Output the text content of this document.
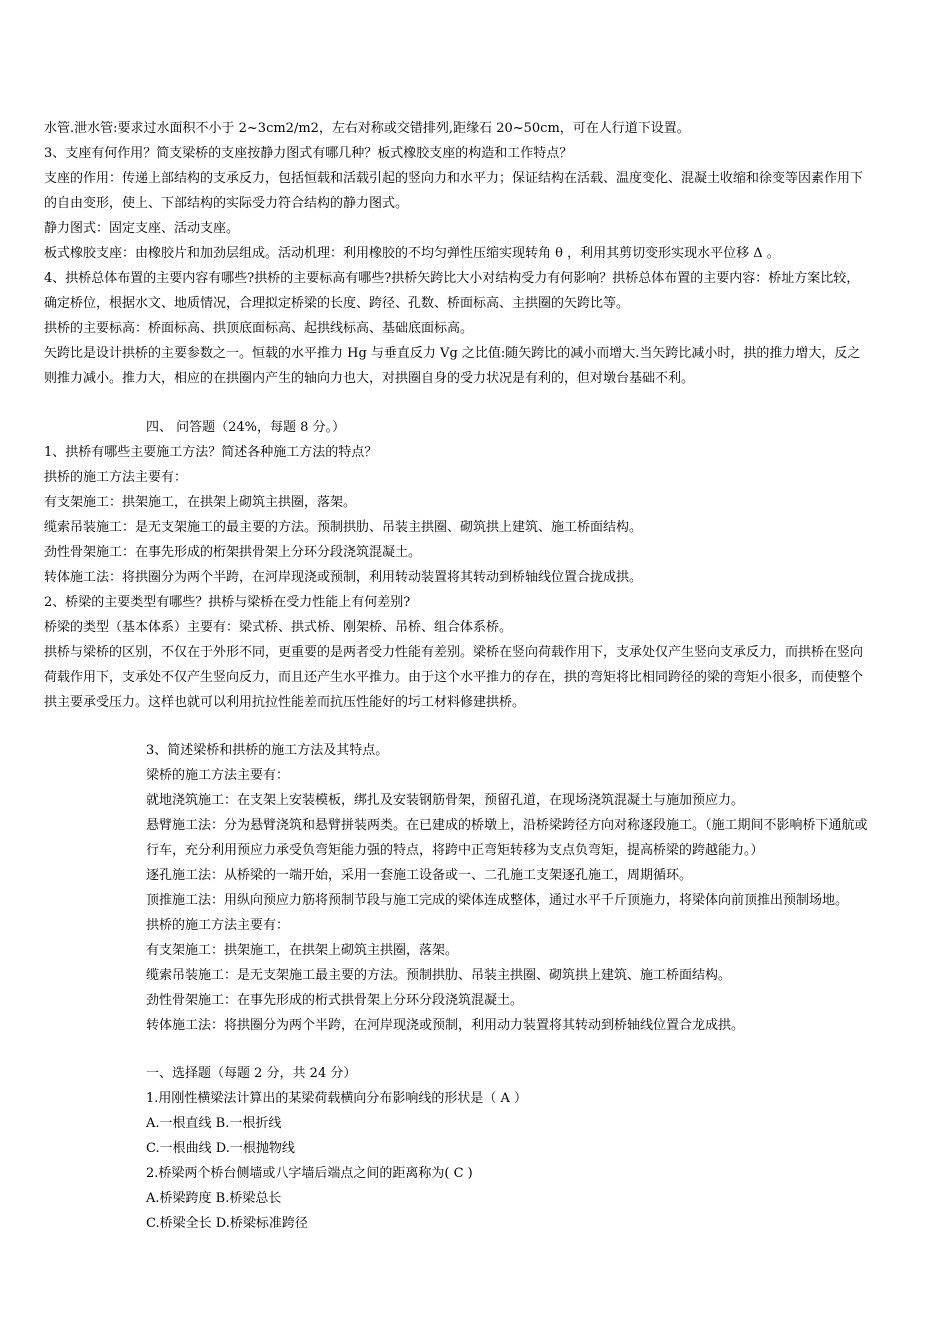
水管.泄水管:要求过水面积不小于 2~3cm2/m2，左右对称或交错排列,距缘石 20~50cm，可在人行道下设置。
3、支座有何作用？简支梁桥的支座按静力图式有哪几种？板式橡胶支座的构造和工作特点？
支座的作用：传递上部结构的支承反力，包括恒载和活载引起的竖向力和水平力；保证结构在活载、温度变化、混凝土收缩和徐变等因素作用下
的自由变形，使上、下部结构的实际受力符合结构的静力图式。
静力图式：固定支座、活动支座。
板式橡胶支座：由橡胶片和加劲层组成。活动机理：利用橡胶的不均匀弹性压缩实现转角 θ ，利用其剪切变形实现水平位移 Δ 。
4、拱桥总体布置的主要内容有哪些?拱桥的主要标高有哪些?拱桥矢跨比大小对结构受力有何影响？拱桥总体布置的主要内容：桥址方案比较，
确定桥位，根据水文、地质情况，合理拟定桥梁的长度、跨径、孔数、桥面标高、主拱圈的矢跨比等。
拱桥的主要标高：桥面标高、拱顶底面标高、起拱线标高、基础底面标高。
矢跨比是设计拱桥的主要参数之一。恒载的水平推力 Hg 与垂直反力 Vg 之比值:随矢跨比的减小而增大.当矢跨比减小时，拱的推力增大，反之
则推力减小。推力大，相应的在拱圈内产生的轴向力也大，对拱圈自身的受力状况是有利的，但对墩台基础不利。
四、 问答题（24%，每题 8 分。）
1、拱桥有哪些主要施工方法？简述各种施工方法的特点？
拱桥的施工方法主要有：
有支架施工：拱架施工，在拱架上砌筑主拱圈，落架。
缆索吊装施工：是无支架施工的最主要的方法。预制拱肋、吊装主拱圈、砌筑拱上建筑、施工桥面结构。
劲性骨架施工：在事先形成的桁架拱骨架上分环分段浇筑混凝土。
转体施工法：将拱圈分为两个半跨，在河岸现浇或预制，利用转动装置将其转动到桥轴线位置合拢成拱。
2、桥梁的主要类型有哪些？拱桥与梁桥在受力性能上有何差别?
桥梁的类型（基本体系）主要有：梁式桥、拱式桥、刚架桥、吊桥、组合体系桥。
拱桥与梁桥的区别，不仅在于外形不同，更重要的是两者受力性能有差别。梁桥在竖向荷载作用下，支承处仅产生竖向支承反力，而拱桥在竖向
荷载作用下，支承处不仅产生竖向反力，而且还产生水平推力。由于这个水平推力的存在，拱的弯矩将比相同跨径的梁的弯矩小很多，而使整个
拱主要承受压力。这样也就可以利用抗拉性能差而抗压性能好的圬工材料修建拱桥。
3、简述梁桥和拱桥的施工方法及其特点。
梁桥的施工方法主要有：
就地浇筑施工：在支架上安装模板，绑扎及安装钢筋骨架，预留孔道，在现场浇筑混凝土与施加预应力。
悬臂施工法：分为悬臂浇筑和悬臂拼装两类。在已建成的桥墩上，沿桥梁跨径方向对称逐段施工。（施工期间不影响桥下通航或
行车，充分利用预应力承受负弯矩能力强的特点，将跨中正弯矩转移为支点负弯矩，提高桥梁的跨越能力。）
逐孔施工法：从桥梁的一端开始，采用一套施工设备或一、二孔施工支架逐孔施工，周期循环。
顶推施工法：用纵向预应力筋将预制节段与施工完成的梁体连成整体，通过水平千斤顶施力，将梁体向前顶推出预制场地。
拱桥的施工方法主要有：
有支架施工：拱架施工，在拱架上砌筑主拱圈，落架。
缆索吊装施工：是无支架施工最主要的方法。预制拱肋、吊装主拱圈、砌筑拱上建筑、施工桥面结构。
劲性骨架施工：在事先形成的桁式拱骨架上分环分段浇筑混凝土。
转体施工法：将拱圈分为两个半跨，在河岸现浇或预制，利用动力装置将其转动到桥轴线位置合龙成拱。
一、选择题（每题 2 分，共 24 分）
1.用刚性横梁法计算出的某梁荷载横向分布影响线的形状是（ A ）
A.一根直线 B.一根折线
C.一根曲线 D.一根抛物线
2.桥梁两个桥台侧墙或八字墙后端点之间的距离称为( C )
A.桥梁跨度 B.桥梁总长
C.桥梁全长 D.桥梁标准跨径
